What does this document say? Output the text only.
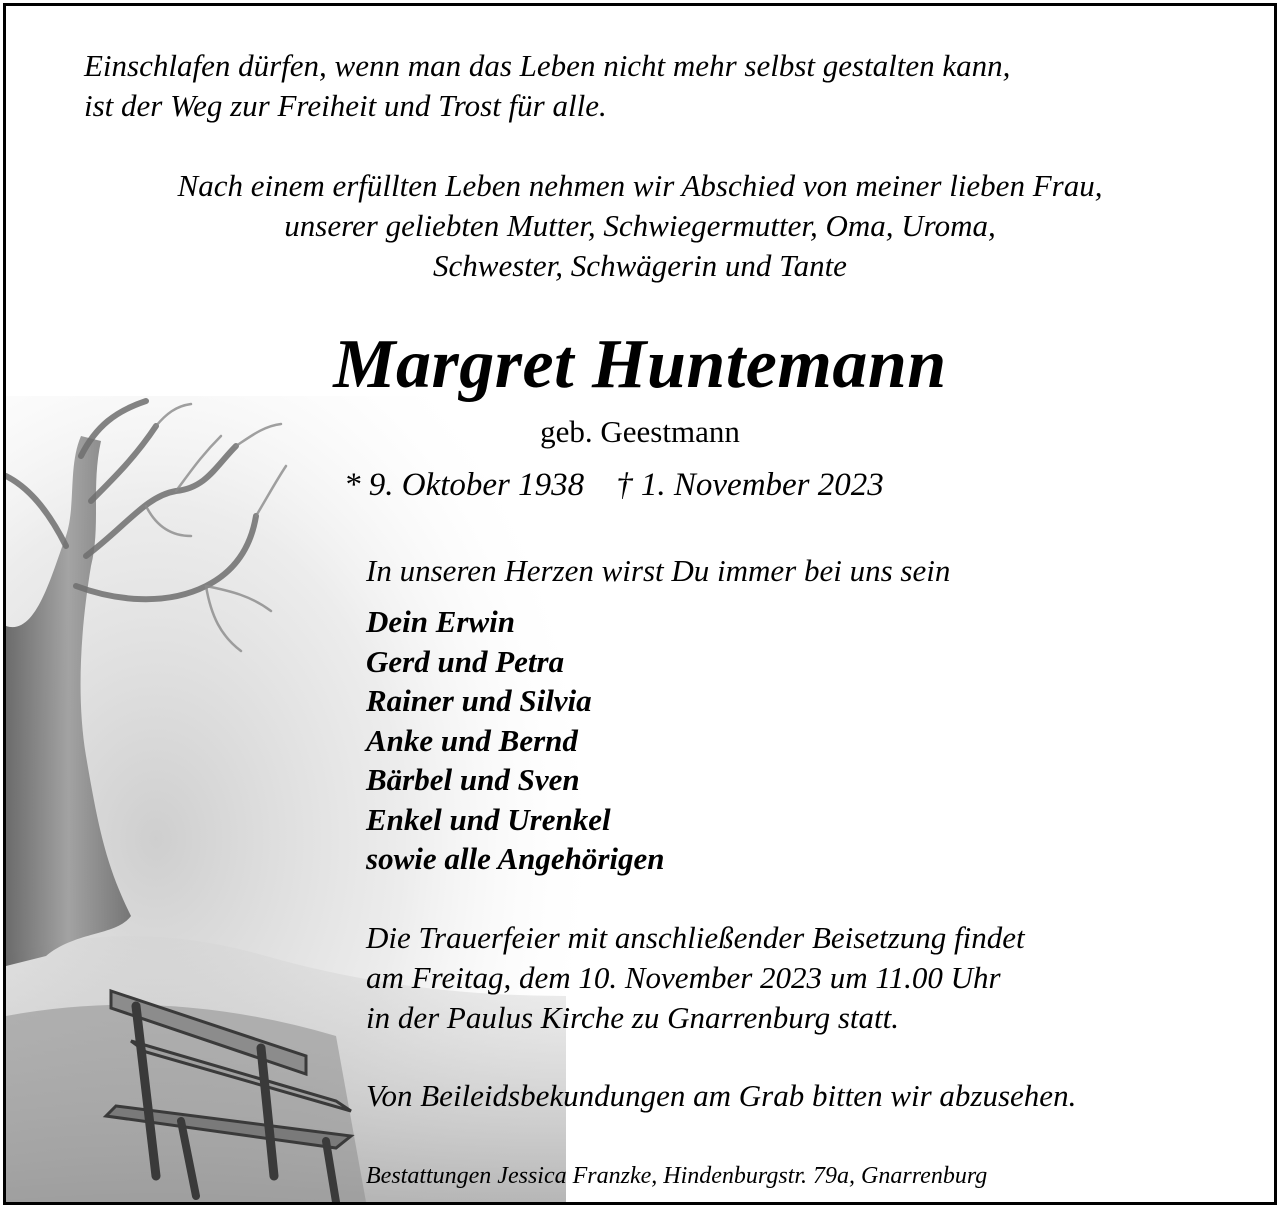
Einschlafen dürfen, wenn man das Leben nicht mehr selbst gestalten kann,
ist der Weg zur Freiheit und Trost für alle.
Nach einem erfüllten Leben nehmen wir Abschied von meiner lieben Frau,
unserer geliebten Mutter, Schwiegermutter, Oma, Uroma,
Schwester, Schwägerin und Tante
Margret Huntemann
geb. Geestmann
* 9. Oktober 1938 † 1. November 2023
In unseren Herzen wirst Du immer bei uns sein
Dein Erwin
Gerd und Petra
Rainer und Silvia
Anke und Bernd
Bärbel und Sven
Enkel und Urenkel
sowie alle Angehörigen
Die Trauerfeier mit anschließender Beisetzung findet
am Freitag, dem 10. November 2023 um 11.00 Uhr
in der Paulus Kirche zu Gnarrenburg statt.
Von Beileidsbekundungen am Grab bitten wir abzusehen.
Bestattungen Jessica Franzke, Hindenburgstr. 79a, Gnarrenburg
